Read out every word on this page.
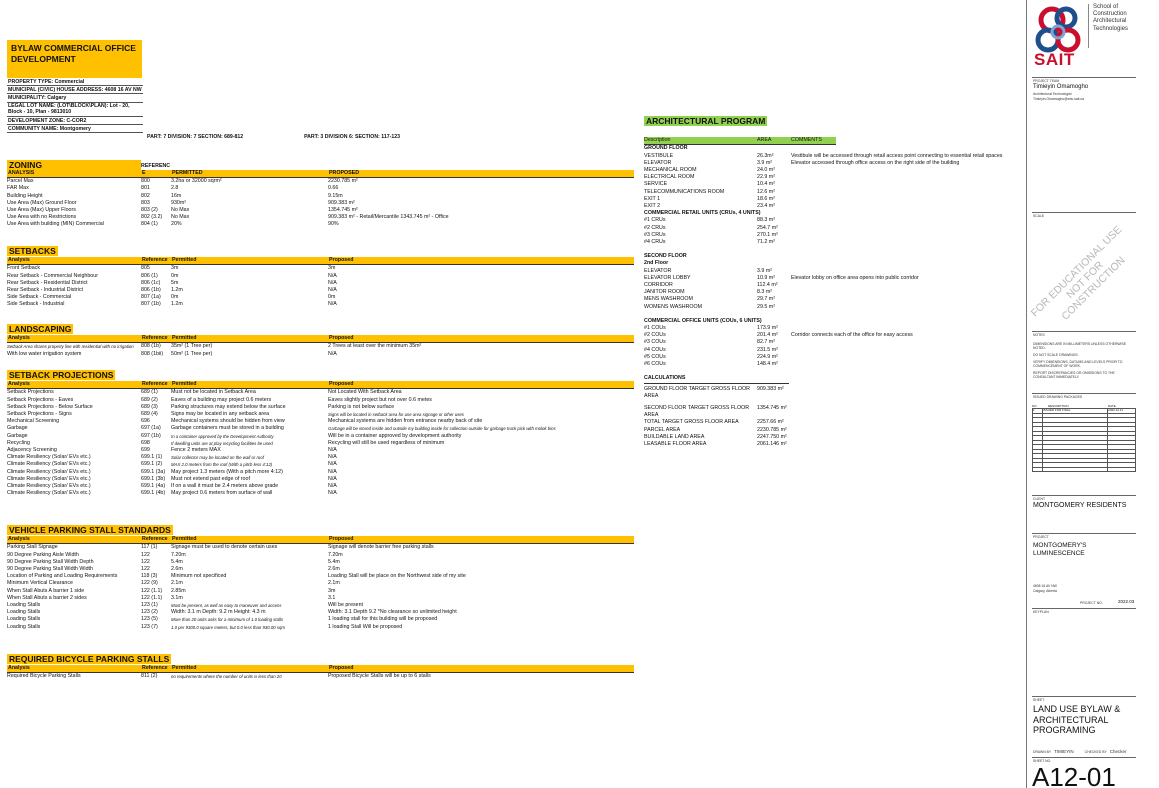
BYLAW COMMERCIAL OFFICE DEVELOPMENT
PROPERTY TYPE: Commercial
MUNICIPAL (CIVIC) HOUSE ADDRESS: 4608 16 AV NW
MUNICIPALITY: Calgary
LEGAL LOT NAME: (LOT\BLOCK\PLAN): Lot - 20, Block - 10, Plan - 9813010
DEVELOPMENT ZONE: C-COR2
COMMUNITY NAME: Montgomery
PART: 7 DIVISION: 7 SECTION: 689-812	PART: 3 DIVISION 6: SECTION: 117-123
ZONING	REFERENC
ANALYSIS	E	PERMITTED	PROPOSED
Parcel Max	800	3.2ha or 32000 sqrm²	2230.785 m²
FAR Max	801	2.8	0.66
Building Height	802	16m	9.15m
Use Area (Max) Ground Floor	803	930m²	909.383 m²
Use Area (Max) Upper Floors	803 (2)	No Max	1354.745 m²
Use Area with no Restrictions	802 (3.2)	No Max	909.383 m² - Retail/Mercantile 1343.745 m² - Office
Use Area with building (MIN) Commercial	804 (1)	20%	90%
SETBACKS
Analysis	Reference Permitted	Proposed
Front Setback	805	3m	3m
Rear Setback - Commercial Neighbour	806 (1)	0m	N/A
Rear Setback - Residential District	806 (1c)	5m	N/A
Rear Setback - Industrial District	806 (1b)	1.2m	N/A
Side Setback - Commercial	807 (1a)	0m	0m
Side Setback - Industrial	807 (1b)	1.2m	N/A
LANDSCAPING
Analysis	Reference Permitted	Proposed
Setback Area shares property line with residential with no irrigation	808 (1b)	35m² (1 Tree per)	2 Trees at least over the minimum 35m²
With low water irrigation system	808 (1bii)	50m² (1 Tree per)	N/A
SETBACK PROJECTIONS
Analysis	Reference Permitted	Proposed
Setback Projections	689 (1)	Must not be located in Setback Area	Not Located With Setback Area
Setback Projections - Eaves	689 (2)	Eaves of a building may project 0.6 meters	Eaves slightly project but not over 0.6 metes
Setback Projections - Below Surface	689 (3)	Parking structures may extend below the surface	Parking is not below surface
Setback Projections - Signs	689 (4)	Signs may be located in any setback area	Signs will be located in setback area for use area signage or other uses
Mechanical Screening	696	Mechanical systems should be hidden from view	Mechanical systems are hidden from entrance nearby back of site
Garbage	697 (1a)	Garbage containers must be stored in a building	Garbage will be stored inside and outside my building inside for collection outside for garbage truck pick with molok bins
Garbage	697 (1b)	In a container approved by the Development Authority	Will be in a container approved by development authority
Recycling	698	If dwelling units are at play recycling facilities be used	Recycling will still be used regardless of minimum
Adjacency Screening	699	Fence 2 meters MAX	N/A
Climate Resiliency (Solar/ EVs etc.)	699.1 (1)	Solar collector may be located on the wall or roof	N/A
Climate Resiliency (Solar/ EVs etc.)	699.1 (2)	MAX 2.0 meters from the roof (With a pitch less 4:12)	N/A
Climate Resiliency (Solar/ EVs etc.)	699.1 (3a)	May project 1.3 meters (With a pitch more 4:12)	N/A
Climate Resiliency (Solar/ EVs etc.)	699.1 (3b)	Must not extend past edge of roof	N/A
Climate Resiliency (Solar/ EVs etc.)	699.1 (4a)	If on a wall it must be 2.4 meters above grade	N/A
Climate Resiliency (Solar/ EVs etc.)	699.1 (4b)	May project 0.6 meters from surface of wall	N/A
VEHICLE PARKING STALL STANDARDS
Analysis	Reference Permitted	Proposed
Parking Stall Signage	117 (1)	Signage must be used to denote certain uses	Signage will denote barrier free parking stalls
90 Degree Parking Aisle Width	122	7.20m	7.20m
90 Degree Parking Stall Width Depth	122	5.4m	5.4m
90 Degree Parking Stall Width Width	122	2.6m	2.6m
Location of Parking and Loading Requirements	118 (3)	Minimum not specificed	Loading Stall will be place on the Northwest side of my site
Minimum Vertical Clearance	122 (9)	2.1m	2.1m
When Stall Abuts A barrier 1 side	122 (1.1)	2.85m	3m
When Stall Abuts a barrier 2 sides	122 (1.1)	3.1m	3.1
Loading Stalls	123 (1)	Must be present, as well as easy to maneuver and access	Will be present
Loading Stalls	123 (2)	Width: 3.1 m Depth: 9.2 m Height: 4.3 m	Width: 3.1 Depth 9.2 *No clearance so unlimited height
Loading Stalls	123 (5)	More than 20 units asks for a minimum of 1.0 loading stalls	1 loading stall for this building will be proposed
Loading Stalls	123 (7)	1.0 per 9300.0 square meters, but 0.0 less than 930.00 sqm	1 loading Stall Will be proposed
REQUIRED BICYCLE PARKING STALLS
Analysis	Reference Permitted	Proposed
Required Bicycle Parking Stalls	811 (2)	no requirements where the number of units is less than 20	Proposed Bicycle Stalls will be up to 6 stalls
ARCHITECTURAL PROGRAM
Description	AREA	COMMENTS
GROUND FLOOR
VESTIBULE	26.3m²	Vestibule will be accessed through retail access point connecting to essential retail spaces
ELEVATOR	3.9 m²	Elevator accessed through office access on the right side of the building
MECHANICAL ROOM	24.0 m²
ELECTRICAL ROOM	22.9 m²
SERVICE	10.4 m²
TELECOMMUNICATIONS ROOM	12.6 m²
EXIT 1	18.6 m²
EXIT 2	23.4 m²
COMMERCIAL RETAIL UNITS (CRUs, 4 UNITS)
#1 CRUs	88.3 m²
#2 CRUs	254.7 m²
#3 CRUs	270.1 m²
#4 CRUs	71.2 m²
SECOND FLOOR
2nd Floor
ELEVATOR	3.9 m²
ELEVATOR LOBBY	10.9 m²	Elevator lobby on office area opens into public corridor
CORRIDOR	112.4 m²
JANITOR ROOM	8.3 m²
MENS WASHROOM	29.7 m²
WOMENS WASHROOM	29.5 m²
COMMERCIAL OFFICE UNITS (COUs, 6 UNITS)
#1 COUs	173.9 m²
#2 COUs	201.4 m²	Corridor connects each of the office for easy access
#3 COUs	82.7 m²
#4 COUs	231.5 m²
#5 COUs	224.9 m²
#6 COUs	148.4 m²
CALCULATIONS
GROUND FLOOR TARGET GROSS FLOOR AREA
909.383 m²
SECOND FLOOR TARGET GROSS FLOOR AREA
1354.745 m²
TOTAL TARGET GROSS FLOOR AREA	2257.66 m²
PARCEL AREA	2230.785 m²
BUILDABLE LAND AREA	2247.750 m²
LEASABLE FLOOR AREA	2061.146 m²
SAIT
School of
Construction
Architectural
Technologies
PROJECT TEAM
Timieyin Omamogho
Architectural Technologist
Timieyin.Omamogho@edu.sait.ca
SCALE
FOR EDUCATIONAL USE NOT FOR CONSTRUCTION
NOTES
DIMENSIONS ARE IN MILLIMETERS UNLESS OTHERWISE NOTED.
DO NOT SCALE DRAWINGS.
VERIFY DIMENSIONS, DATUMS AND LEVELS PRIOR TO COMMENCEMENT OF WORK.
REPORT DISCREPANCIES OR OMISSIONS TO THE CONSULTANT IMMEDIATELY.
ISSUED DRAWING PACKAGES
NO.	DESCRIPTION	DATE
1	ISSUED FOR FINAL	2022.12.11

CLIENT
MONTGOMERY RESIDENTS
PROJECT
MONTGOMERY'S LUMINESCENCE
4608 16 AV NW
Calgary, Alberta
PROJECT NO.	2022.03
KEYPLAN
SHEET
LAND USE BYLAW & ARCHITECTURAL PROGRAMING
DRAWN BY TIMIEYIN	CHECKED BY Checker
SHEET NO.
A12-01
